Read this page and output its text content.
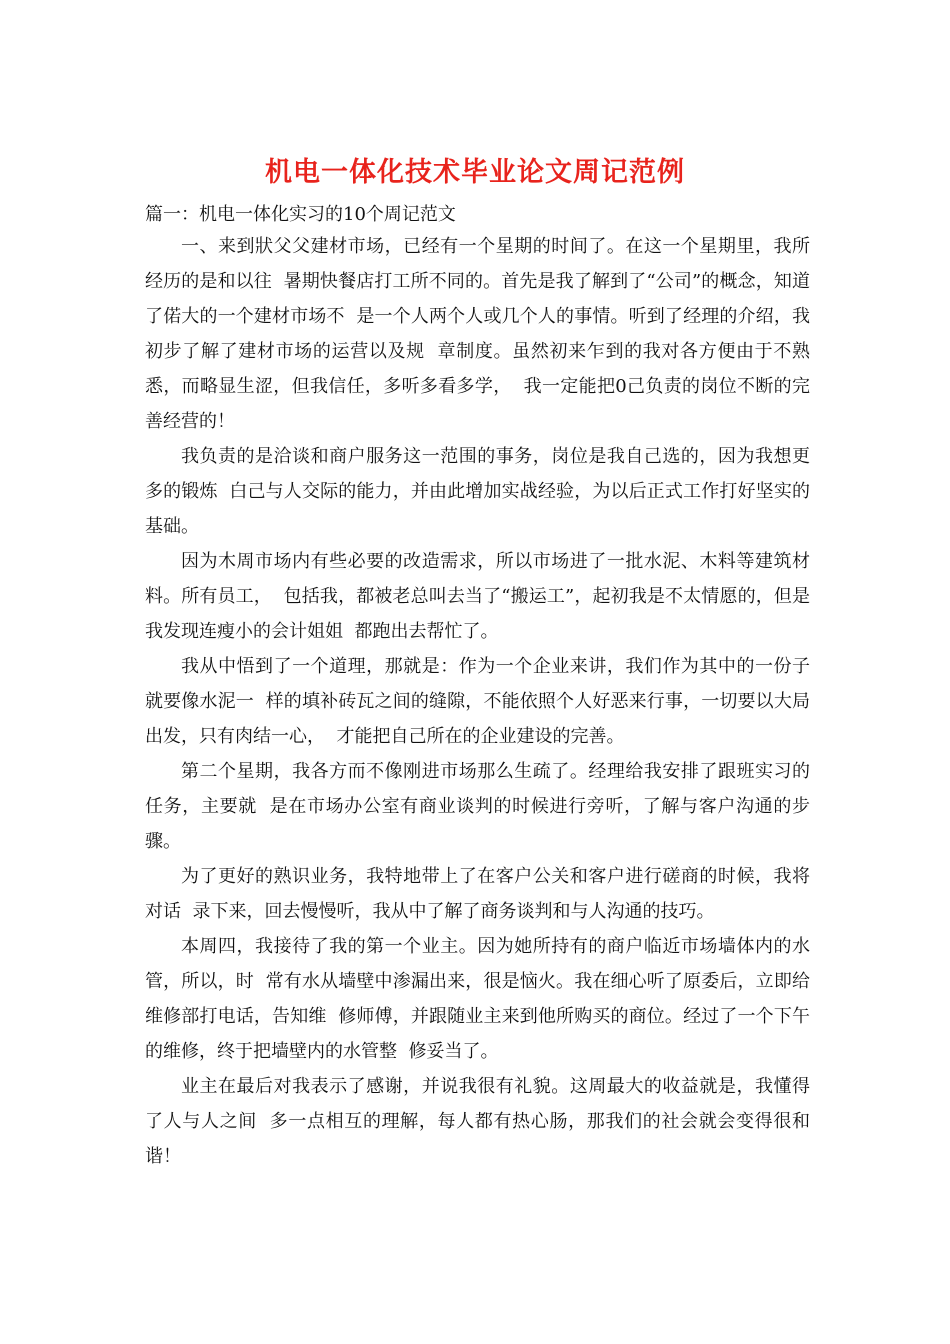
机电一体化技术毕业论文周记范例

篇一：机电一体化实习的10个周记范文

一、来到狀父父建材市场，已经有一个星期的时间了。在这一个星期里，我所经历的是和以往  暑期快餐店打工所不同的。首先是我了解到了“公司”的概念，知道了偌大的一个建材市场不  是一个人两个人或几个人的事情。听到了经理的介绍，我初步了解了建材市场的运营以及规  章制度。虽然初来乍到的我对各方便由于不熟悉，而略显生涩，但我信任，多听多看多学，  我一定能把0己负责的岗位不断的完善经营的！

我负责的是洽谈和商户服务这一范围的事务，岗位是我自己选的，因为我想更多的锻炼  白己与人交际的能力，并由此增加实战经验，为以后正式工作打好坚实的基础。

因为木周市场内有些必要的改造需求，所以市场进了一批水泥、木料等建筑材料。所有员工，  包括我，都被老总叫去当了“搬运工”，起初我是不太情愿的，但是我发现连瘦小的会计姐姐  都跑出去帮忙了。

我从中悟到了一个道理，那就是：作为一个企业来讲，我们作为其中的一份子就要像水泥一  样的填补砖瓦之间的缝隙，不能依照个人好恶来行事，一切要以大局出发，只有肉结一心，  才能把自己所在的企业建设的完善。

第二个星期，我各方而不像刚进市场那么生疏了。经理给我安排了跟班实习的任务，主要就  是在市场办公室有商业谈判的时候进行旁听，了解与客户沟通的步骤。

为了更好的熟识业务，我特地带上了在客户公关和客户进行磋商的时候，我将对话  录下来，回去慢慢听，我从中了解了商务谈判和与人沟通的技巧。

本周四，我接待了我的第一个业主。因为她所持有的商户临近市场墙体内的水管，所以，时  常有水从墙壁中渗漏出来，很是恼火。我在细心听了原委后，立即给维修部打电话，告知维  修师傅，并跟随业主来到他所购买的商位。经过了一个下午的维修，终于把墙壁内的水管整  修妥当了。

业主在最后对我表示了感谢，并说我很有礼貌。这周最大的收益就是，我懂得了人与人之间  多一点相互的理解，每人都有热心肠，那我们的社会就会变得很和谐！
